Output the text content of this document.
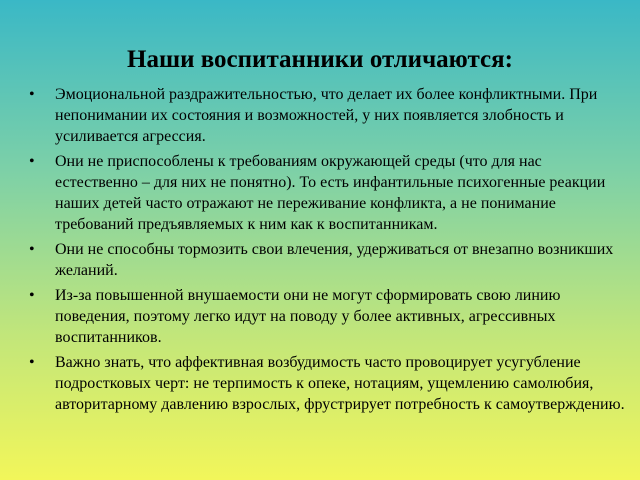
Наши воспитанники отличаются:
• Эмоциональной раздражительностью, что делает их более конфликтными. При непонимании их состояния и возможностей, у них появляется злобность и усиливается агрессия.
• Они не приспособлены к требованиям окружающей среды (что для нас естественно – для них не понятно). То есть инфантильные психогенные реакции наших детей часто отражают не переживание конфликта, а не понимание требований предъявляемых к ним как к воспитанникам.
• Они не способны тормозить свои влечения, удерживаться от внезапно возникших желаний.
• Из-за повышенной внушаемости они не могут сформировать свою линию поведения, поэтому легко идут на поводу у более активных, агрессивных воспитанников.
• Важно знать, что аффективная возбудимость часто провоцирует усугубление подростковых черт: не терпимость к опеке, нотациям, ущемлению самолюбия, авторитарному давлению взрослых, фрустрирует потребность к самоутверждению.
